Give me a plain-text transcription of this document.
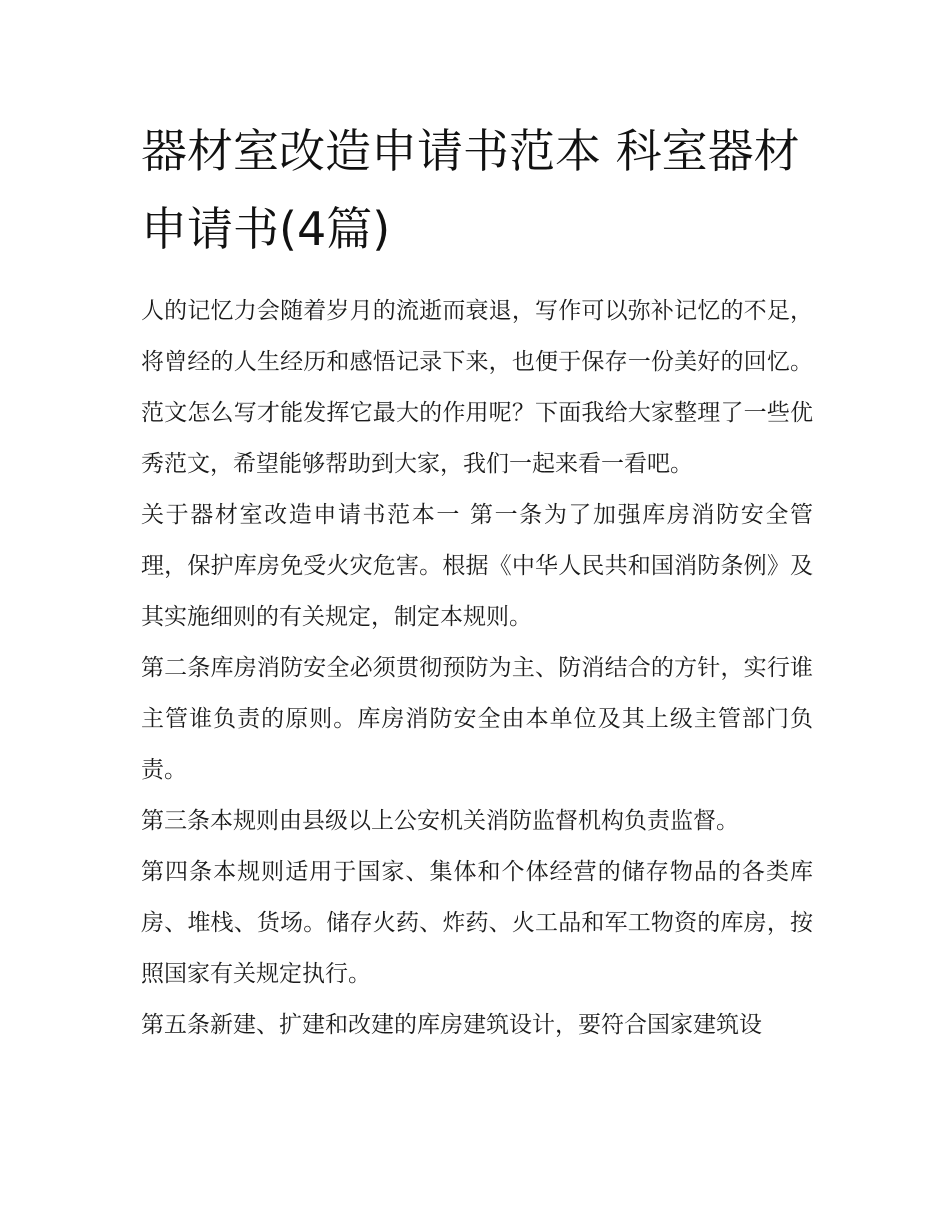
器材室改造申请书范本 科室器材申请书(4篇)

人的记忆力会随着岁月的流逝而衰退，写作可以弥补记忆的不足，将曾经的人生经历和感悟记录下来，也便于保存一份美好的回忆。范文怎么写才能发挥它最大的作用呢？下面我给大家整理了一些优秀范文，希望能够帮助到大家，我们一起来看一看吧。

关于器材室改造申请书范本一 第一条为了加强库房消防安全管理，保护库房免受火灾危害。根据《中华人民共和国消防条例》及其实施细则的有关规定，制定本规则。

第二条库房消防安全必须贯彻预防为主、防消结合的方针，实行谁主管谁负责的原则。库房消防安全由本单位及其上级主管部门负责。

第三条本规则由县级以上公安机关消防监督机构负责监督。

第四条本规则适用于国家、集体和个体经营的储存物品的各类库房、堆栈、货场。储存火药、炸药、火工品和军工物资的库房，按照国家有关规定执行。

第五条新建、扩建和改建的库房建筑设计，要符合国家建筑设
